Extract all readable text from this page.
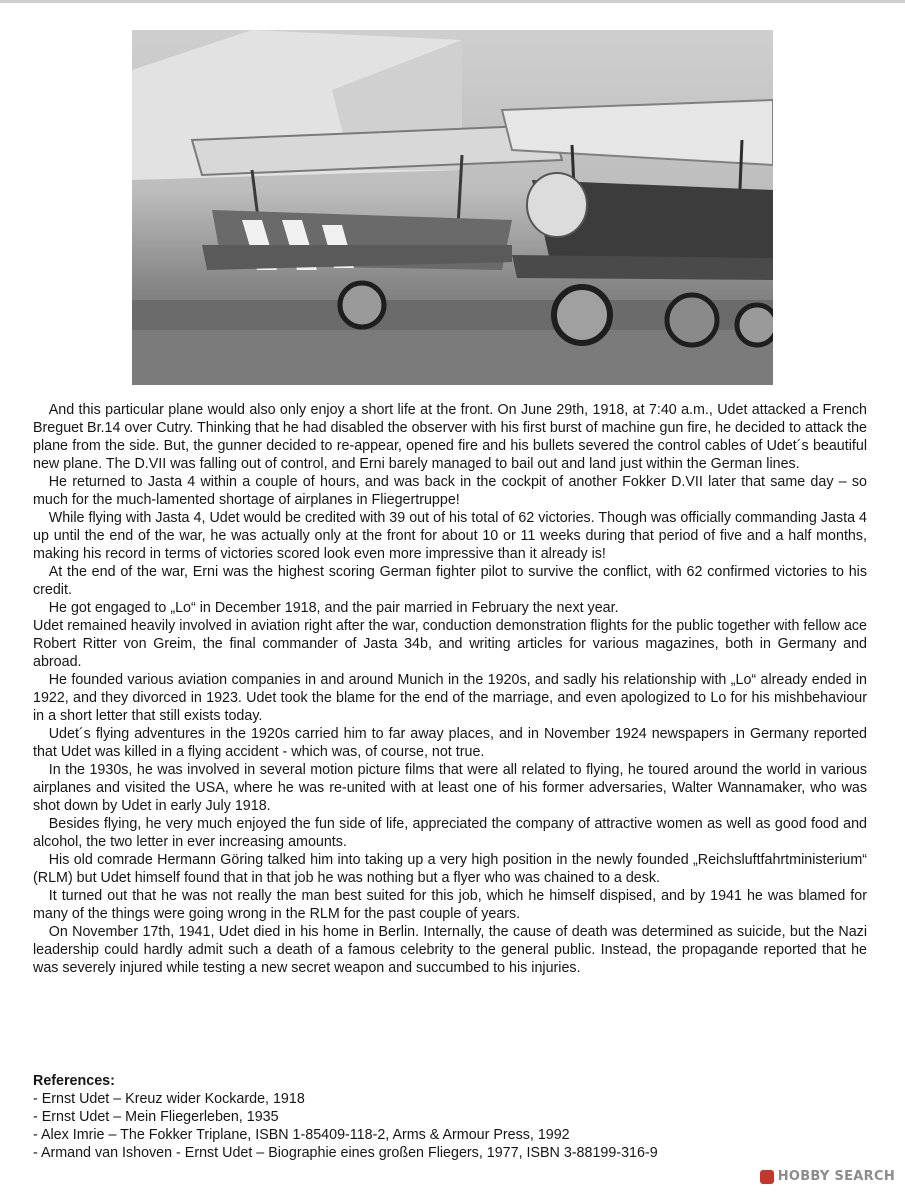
And this particular plane would also only enjoy a short life at the front. On June 29th, 1918, at 7:40 a.m., Udet attacked a French Breguet Br.14 over Cutry. Thinking that he had disabled the observer with his first burst of machine gun fire, he decided to attack the plane from the side. But, the gunner decided to re-appear, opened fire and his bullets severed the control cables of Udet´s beautiful new plane. The D.VII was falling out of control, and Erni barely managed to bail out and land just within the German lines.

He returned to Jasta 4 within a couple of hours, and was back in the cockpit of another Fokker D.VII later that same day – so much for the much-lamented shortage of airplanes in Fliegertruppe!

While flying with Jasta 4, Udet would be credited with 39 out of his total of 62 victories. Though was officially commanding Jasta 4 up until the end of the war, he was actually only at the front for about 10 or 11 weeks during that period of five and a half months, making his record in terms of victories scored look even more impressive than it already is!

At the end of the war, Erni was the highest scoring German fighter pilot to survive the conflict, with 62 confirmed victories to his credit.

He got engaged to „Lo“ in December 1918, and the pair married in February the next year.

Udet remained heavily involved in aviation right after the war, conduction demonstration flights for the public together with fellow ace Robert Ritter von Greim, the final commander of Jasta 34b, and writing articles for various magazines, both in Germany and abroad.

He founded various aviation companies in and around Munich in the 1920s, and sadly his relationship with „Lo“ already ended in 1922, and they divorced in 1923. Udet took the blame for the end of the marriage, and even apologized to Lo for his mishbehaviour in a short letter that still exists today.

Udet´s flying adventures in the 1920s carried him to far away places, and in November 1924 newspapers in Germany reported that Udet was killed in a flying accident - which was, of course, not true.

In the 1930s, he was involved in several motion picture films that were all related to flying, he toured around the world in various airplanes and visited the USA, where he was re-united with at least one of his former adversaries, Walter Wannamaker, who was shot down by Udet in early July 1918.

Besides flying, he very much enjoyed the fun side of life, appreciated the company of attractive women as well as good food and alcohol, the two letter in ever increasing amounts.

His old comrade Hermann Göring talked him into taking up a very high position in the newly founded „Reichsluftfahrtministerium“ (RLM) but Udet himself found that in that job he was nothing but a flyer who was chained to a desk.

It turned out that he was not really the man best suited for this job, which he himself dispised, and by 1941 he was blamed for many of the things were going wrong in the RLM for the past couple of years.

On November 17th, 1941, Udet died in his home in Berlin. Internally, the cause of death was determined as suicide, but the Nazi leadership could hardly admit such a death of a famous celebrity to the general public. Instead, the propagande reported that he was severely injured while testing a new secret weapon and succumbed to his injuries.

References:
- Ernst Udet – Kreuz wider Kockarde, 1918
- Ernst Udet – Mein Fliegerleben, 1935
- Alex Imrie – The Fokker Triplane, ISBN 1-85409-118-2, Arms & Armour Press, 1992
- Armand van Ishoven - Ernst Udet – Biographie eines großen Fliegers, 1977, ISBN 3-88199-316-9
HOBBY SEARCH
